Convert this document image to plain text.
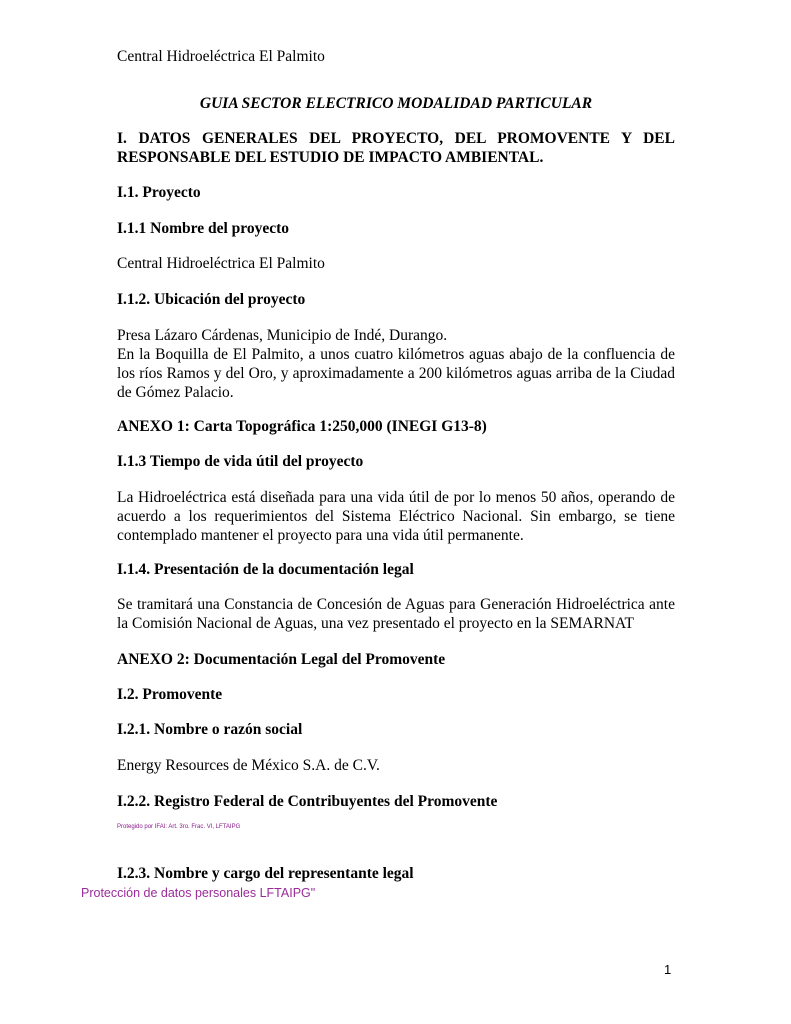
Central Hidroeléctrica El Palmito

GUIA SECTOR ELECTRICO MODALIDAD PARTICULAR

I. DATOS GENERALES DEL PROYECTO, DEL PROMOVENTE Y DEL RESPONSABLE DEL ESTUDIO DE IMPACTO AMBIENTAL.

I.1. Proyecto

I.1.1 Nombre del proyecto

Central Hidroeléctrica El Palmito

I.1.2. Ubicación del proyecto

Presa Lázaro Cárdenas, Municipio de Indé, Durango.

En la Boquilla de El Palmito, a unos cuatro kilómetros aguas abajo de la confluencia de los ríos Ramos y del Oro, y aproximadamente a 200 kilómetros aguas arriba de la Ciudad de Gómez Palacio.

ANEXO 1: Carta Topográfica 1:250,000 (INEGI G13-8)

I.1.3 Tiempo de vida útil del proyecto

La Hidroeléctrica está diseñada para una vida útil de por lo menos 50 años, operando de acuerdo a los requerimientos del Sistema Eléctrico Nacional. Sin embargo, se tiene contemplado mantener el proyecto para una vida útil permanente.

I.1.4. Presentación de la documentación legal

Se tramitará una Constancia de Concesión de Aguas para Generación Hidroeléctrica ante la Comisión Nacional de Aguas, una vez presentado el proyecto en la SEMARNAT

ANEXO 2: Documentación Legal del Promovente

I.2. Promovente

I.2.1. Nombre o razón social

Energy Resources de México S.A. de C.V.

I.2.2. Registro Federal de Contribuyentes del Promovente

Protegido por IFAI: Art. 3ro. Frac. VI, LFTAIPG

I.2.3. Nombre y cargo del representante legal

Protección de datos personales LFTAIPG"
1
